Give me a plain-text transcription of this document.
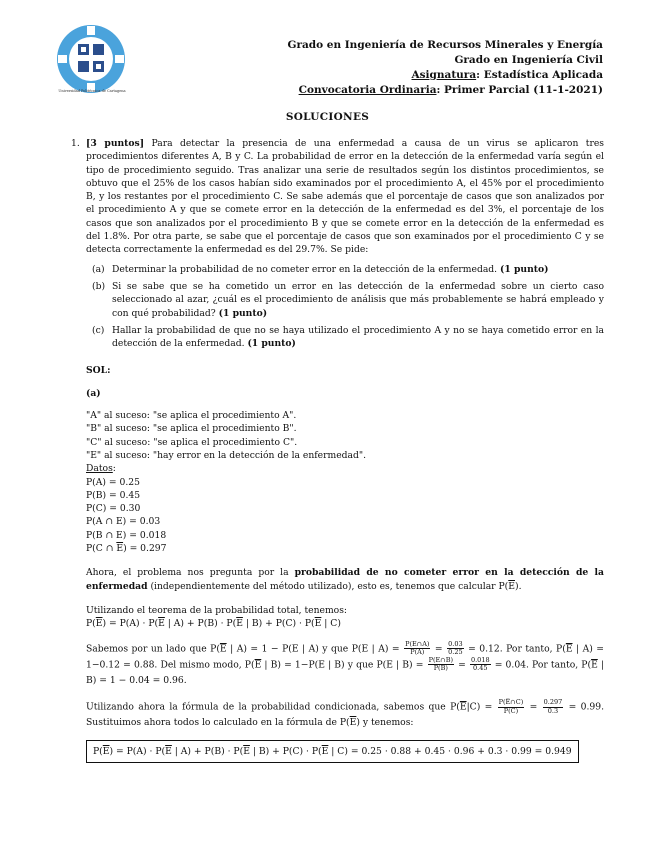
Universidad Politécnica de Cartagena
Grado en Ingeniería de Recursos Minerales y Energía
Grado en Ingeniería Civil
Asignatura: Estadística Aplicada
Convocatoria Ordinaria: Primer Parcial (11-1-2021)
SOLUCIONES
1. [3 puntos] Para detectar la presencia de una enfermedad a causa de un virus se aplicaron tres procedimientos diferentes A, B y C. La probabilidad de error en la detección de la enfermedad varía según el tipo de procedimiento seguido. Tras analizar una serie de resultados según los distintos procedimientos, se obtuvo que el 25% de los casos habían sido examinados por el procedimiento A, el 45% por el procedimiento B, y los restantes por el procedimiento C. Se sabe además que el porcentaje de casos que son analizados por el procedimiento A y que se comete error en la detección de la enfermedad es del 3%, el porcentaje de los casos que son analizados por el procedimiento B y que se comete error en la detección de la enfermedad es del 1.8%. Por otra parte, se sabe que el porcentaje de casos que son examinados por el procedimiento C y se detecta correctamente la enfermedad es del 29.7%. Se pide:
(a) Determinar la probabilidad de no cometer error en la detección de la enfermedad. (1 punto)
(b) Si se sabe que se ha cometido un error en las detección de la enfermedad sobre un cierto caso seleccionado al azar, ¿cuál es el procedimiento de análisis que más probablemente se habrá empleado y con qué probabilidad? (1 punto)
(c) Hallar la probabilidad de que no se haya utilizado el procedimiento A y no se haya cometido error en la detección de la enfermedad. (1 punto)
SOL:
(a)
"A" al suceso: "se aplica el procedimiento A".
"B" al suceso: "se aplica el procedimiento B".
"C" al suceso: "se aplica el procedimiento C".
"E" al suceso: "hay error en la detección de la enfermedad".
Datos:
P(A) = 0.25
P(B) = 0.45
P(C) = 0.30
P(A ∩ E) = 0.03
P(B ∩ E) = 0.018
P(C ∩ $\overline{E}) = 0.297$
Ahora, el problema nos pregunta por la probabilidad de no cometer error en la detección de la enfermedad (independientemente del método utilizado), esto es, tenemos que calcular $P(\overline{E})$.
Utilizando el teorema de la probabilidad total, tenemos:
$P(\overline{E}) = P(A) \cdot P(\overline{E}$ | $A) + P(B) \cdot P(\overline{E}$ | $B) + P(C) \cdot P(\overline{E}$ | C)
Sabemos por un lado que $P(\overline{E}$ | A) = 1 − P(E | A) y que P(E | $A) = \frac{P(E\cap A)}{P(A)} = \frac{0.03}{0.25} = 0.12$. Por tanto, $P(\overline{E}$ | A) = 1−0.12 = 0.88. Del mismo modo, $P(\overline{E}$ | B) = 1−P(E | B) y que P(E | $B) = \frac{P(E\cap B)}{P(B)} = \frac{0.018}{0.45} = 0.04$. Por tanto, $P(\overline{E}$ | B) = 1 − 0.04 = 0.96.
Utilizando ahora la fórmula de la probabilidad condicionada, sabemos que $P(\overline{E}|C) = \frac{P(E̅\cap C)}{P(C)} = \frac{0.297}{0.3} = 0.99$. Sustituimos ahora todos lo calculado en la fórmula de $P(\overline{E})$ y tenemos:
$P(\overline{E}) = P(A) \cdot P(\overline{E}$ | $A) + P(B) \cdot P(\overline{E}$ | $B) + P(C) \cdot P(\overline{E}$ | C) = 0.25 · 0.88 + 0.45 · 0.96 + 0.3 · 0.99 = 0.949
